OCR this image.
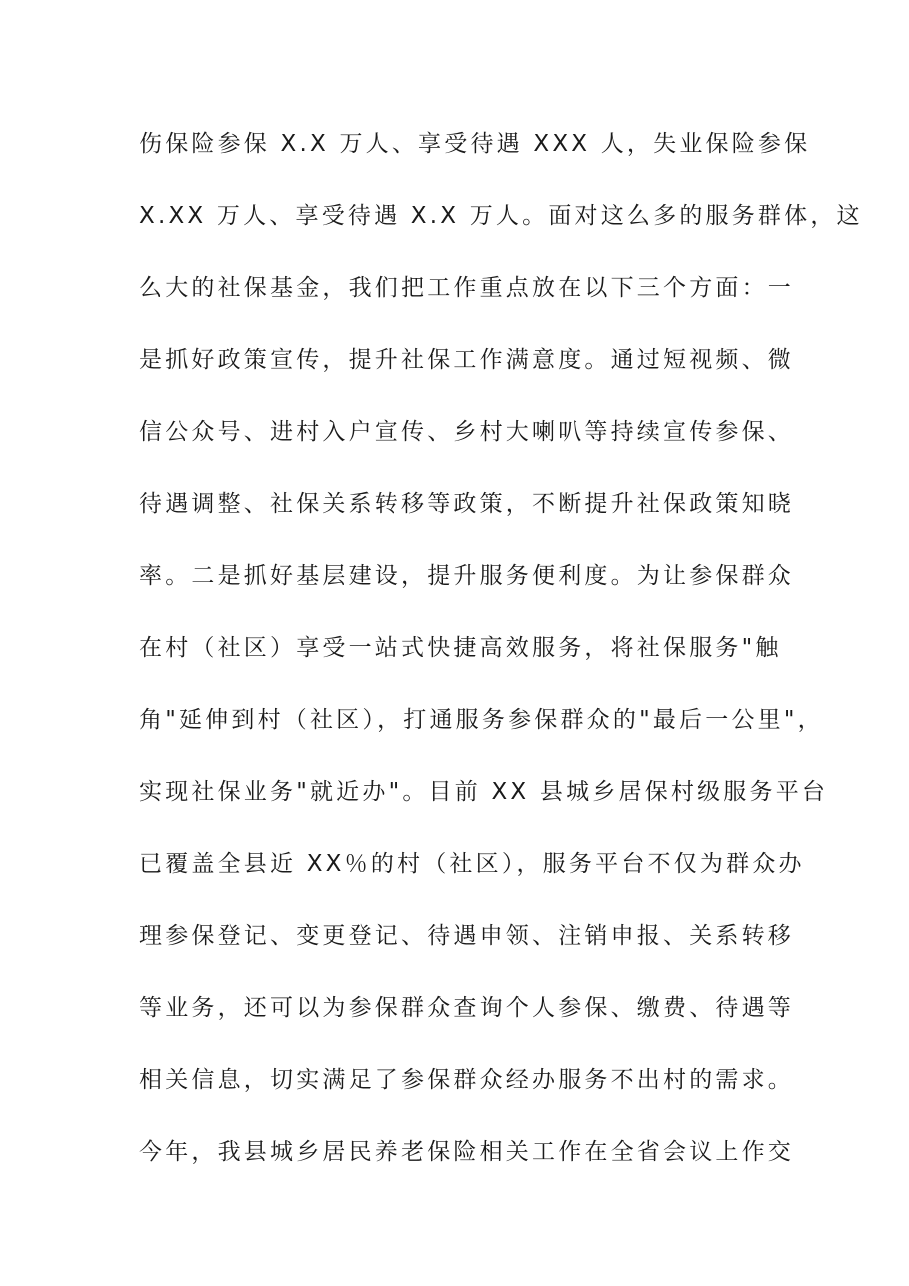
伤保险参保 X.X 万人、享受待遇 XXX 人，失业保险参保
X.XX 万人、享受待遇 X.X 万人。面对这么多的服务群体，这
么大的社保基金，我们把工作重点放在以下三个方面：一
是抓好政策宣传，提升社保工作满意度。通过短视频、微
信公众号、进村入户宣传、乡村大喇叭等持续宣传参保、
待遇调整、社保关系转移等政策，不断提升社保政策知晓
率。二是抓好基层建设，提升服务便利度。为让参保群众
在村（社区）享受一站式快捷高效服务，将社保服务"触
角"延伸到村（社区），打通服务参保群众的"最后一公里"，
实现社保业务"就近办"。目前 XX 县城乡居保村级服务平台
已覆盖全县近 XX％的村（社区），服务平台不仅为群众办
理参保登记、变更登记、待遇申领、注销申报、关系转移
等业务，还可以为参保群众查询个人参保、缴费、待遇等
相关信息，切实满足了参保群众经办服务不出村的需求。
今年，我县城乡居民养老保险相关工作在全省会议上作交
